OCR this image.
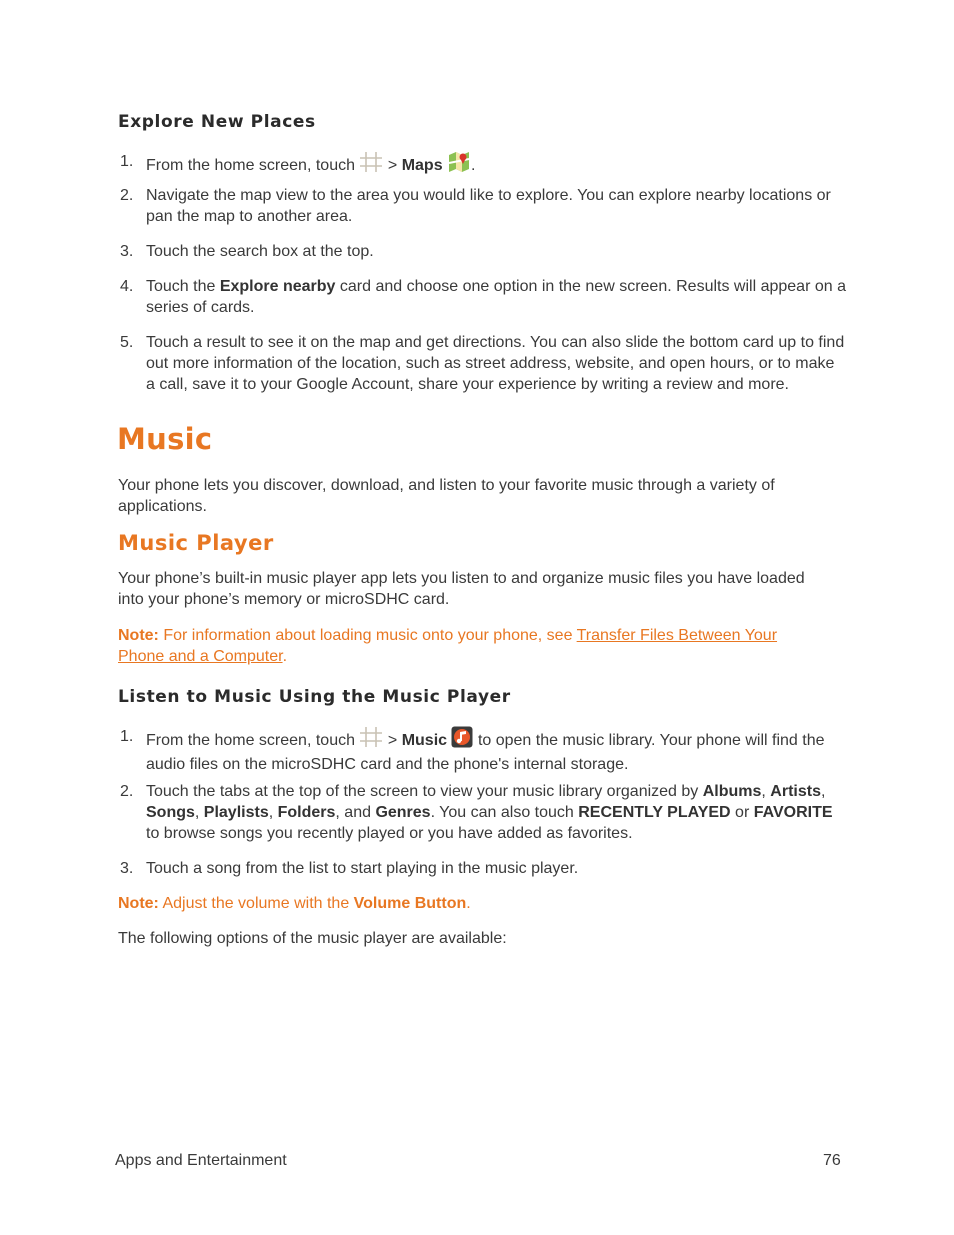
Explore New Places
1. From the home screen, touch > Maps .
2. Navigate the map view to the area you would like to explore. You can explore nearby locations or pan the map to another area.
3. Touch the search box at the top.
4. Touch the Explore nearby card and choose one option in the new screen. Results will appear on a series of cards.
5. Touch a result to see it on the map and get directions. You can also slide the bottom card up to find out more information of the location, such as street address, website, and open hours, or to make a call, save it to your Google Account, share your experience by writing a review and more.
Music
Your phone lets you discover, download, and listen to your favorite music through a variety of applications.
Music Player
Your phone’s built-in music player app lets you listen to and organize music files you have loaded into your phone’s memory or microSDHC card.
Note: For information about loading music onto your phone, see Transfer Files Between Your Phone and a Computer.
Listen to Music Using the Music Player
1. From the home screen, touch > Music to open the music library. Your phone will find the audio files on the microSDHC card and the phone's internal storage.
2. Touch the tabs at the top of the screen to view your music library organized by Albums, Artists, Songs, Playlists, Folders, and Genres. You can also touch RECENTLY PLAYED or FAVORITE to browse songs you recently played or you have added as favorites.
3. Touch a song from the list to start playing in the music player.
Note: Adjust the volume with the Volume Button.
The following options of the music player are available:
Apps and Entertainment	76
